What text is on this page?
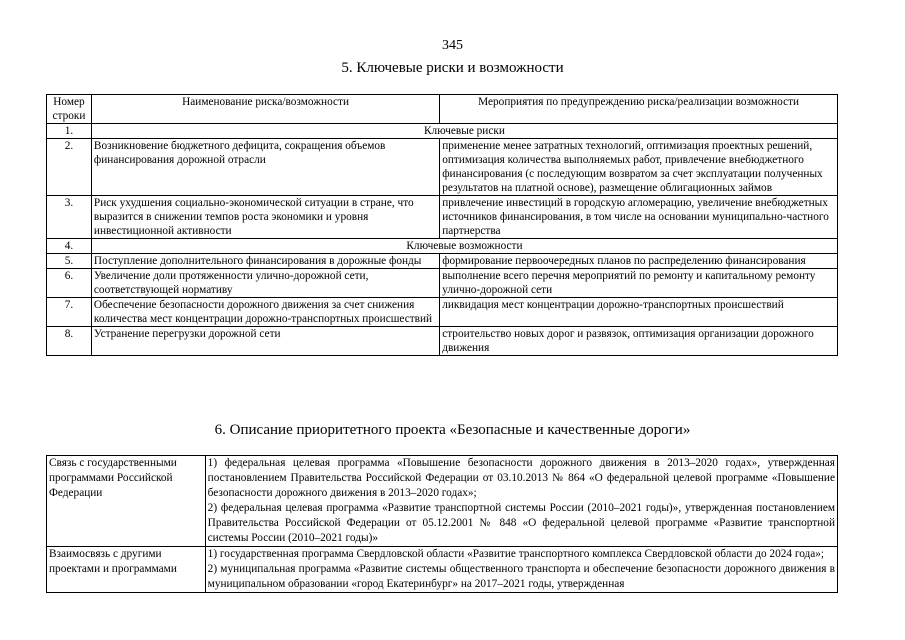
345
5. Ключевые риски и возможности
Номер строки	Наименование риска/возможности	Мероприятия по предупреждению риска/реализации возможности
1.	Ключевые риски	
2.	Возникновение бюджетного дефицита, сокращения объемов финансирования дорожной отрасли	применение менее затратных технологий, оптимизация проектных решений, оптимизация количества выполняемых работ, привлечение внебюджетного финансирования (с последующим возвратом за счет эксплуатации полученных результатов на платной основе), размещение облигационных займов
3.	Риск ухудшения социально-экономической ситуации в стране, что выразится в снижении темпов роста экономики и уровня инвестиционной активности	привлечение инвестиций в городскую агломерацию, увеличение внебюджетных источников финансирования, в том числе на основании муниципально-частного партнерства
4.	Ключевые возможности	
5.	Поступление дополнительного финансирования в дорожные фонды	формирование первоочередных планов по распределению финансирования
6.	Увеличение доли протяженности улично-дорожной сети, соответствующей нормативу	выполнение всего перечня мероприятий по ремонту и капитальному ремонту улично-дорожной сети
7.	Обеспечение безопасности дорожного движения за счет снижения количества мест концентрации дорожно-транспортных происшествий	ликвидация мест концентрации дорожно-транспортных происшествий
8.	Устранение перегрузки дорожной сети	строительство новых дорог и развязок, оптимизация организации дорожного движения
6. Описание приоритетного проекта «Безопасные и качественные дороги»
Связь с государственными программами Российской Федерации	1) федеральная целевая программа «Повышение безопасности дорожного движения в 2013–2020 годах», утвержденная постановлением Правительства Российской Федерации от 03.10.2013 № 864 «О федеральной целевой программе «Повышение безопасности дорожного движения в 2013–2020 годах»;
2) федеральная целевая программа «Развитие транспортной системы России (2010–2021 годы)», утвержденная постановлением Правительства Российской Федерации от 05.12.2001 № 848 «О федеральной целевой программе «Развитие транспортной системы России (2010–2021 годы)»

Взаимосвязь с другими проектами и программами	1) государственная программа Свердловской области «Развитие транспортного комплекса Свердловской области до 2024 года»;
2) муниципальная программа «Развитие системы общественного транспорта и обеспечение безопасности дорожного движения в муниципальном образовании «город Екатеринбург» на 2017–2021 годы, утвержденная
